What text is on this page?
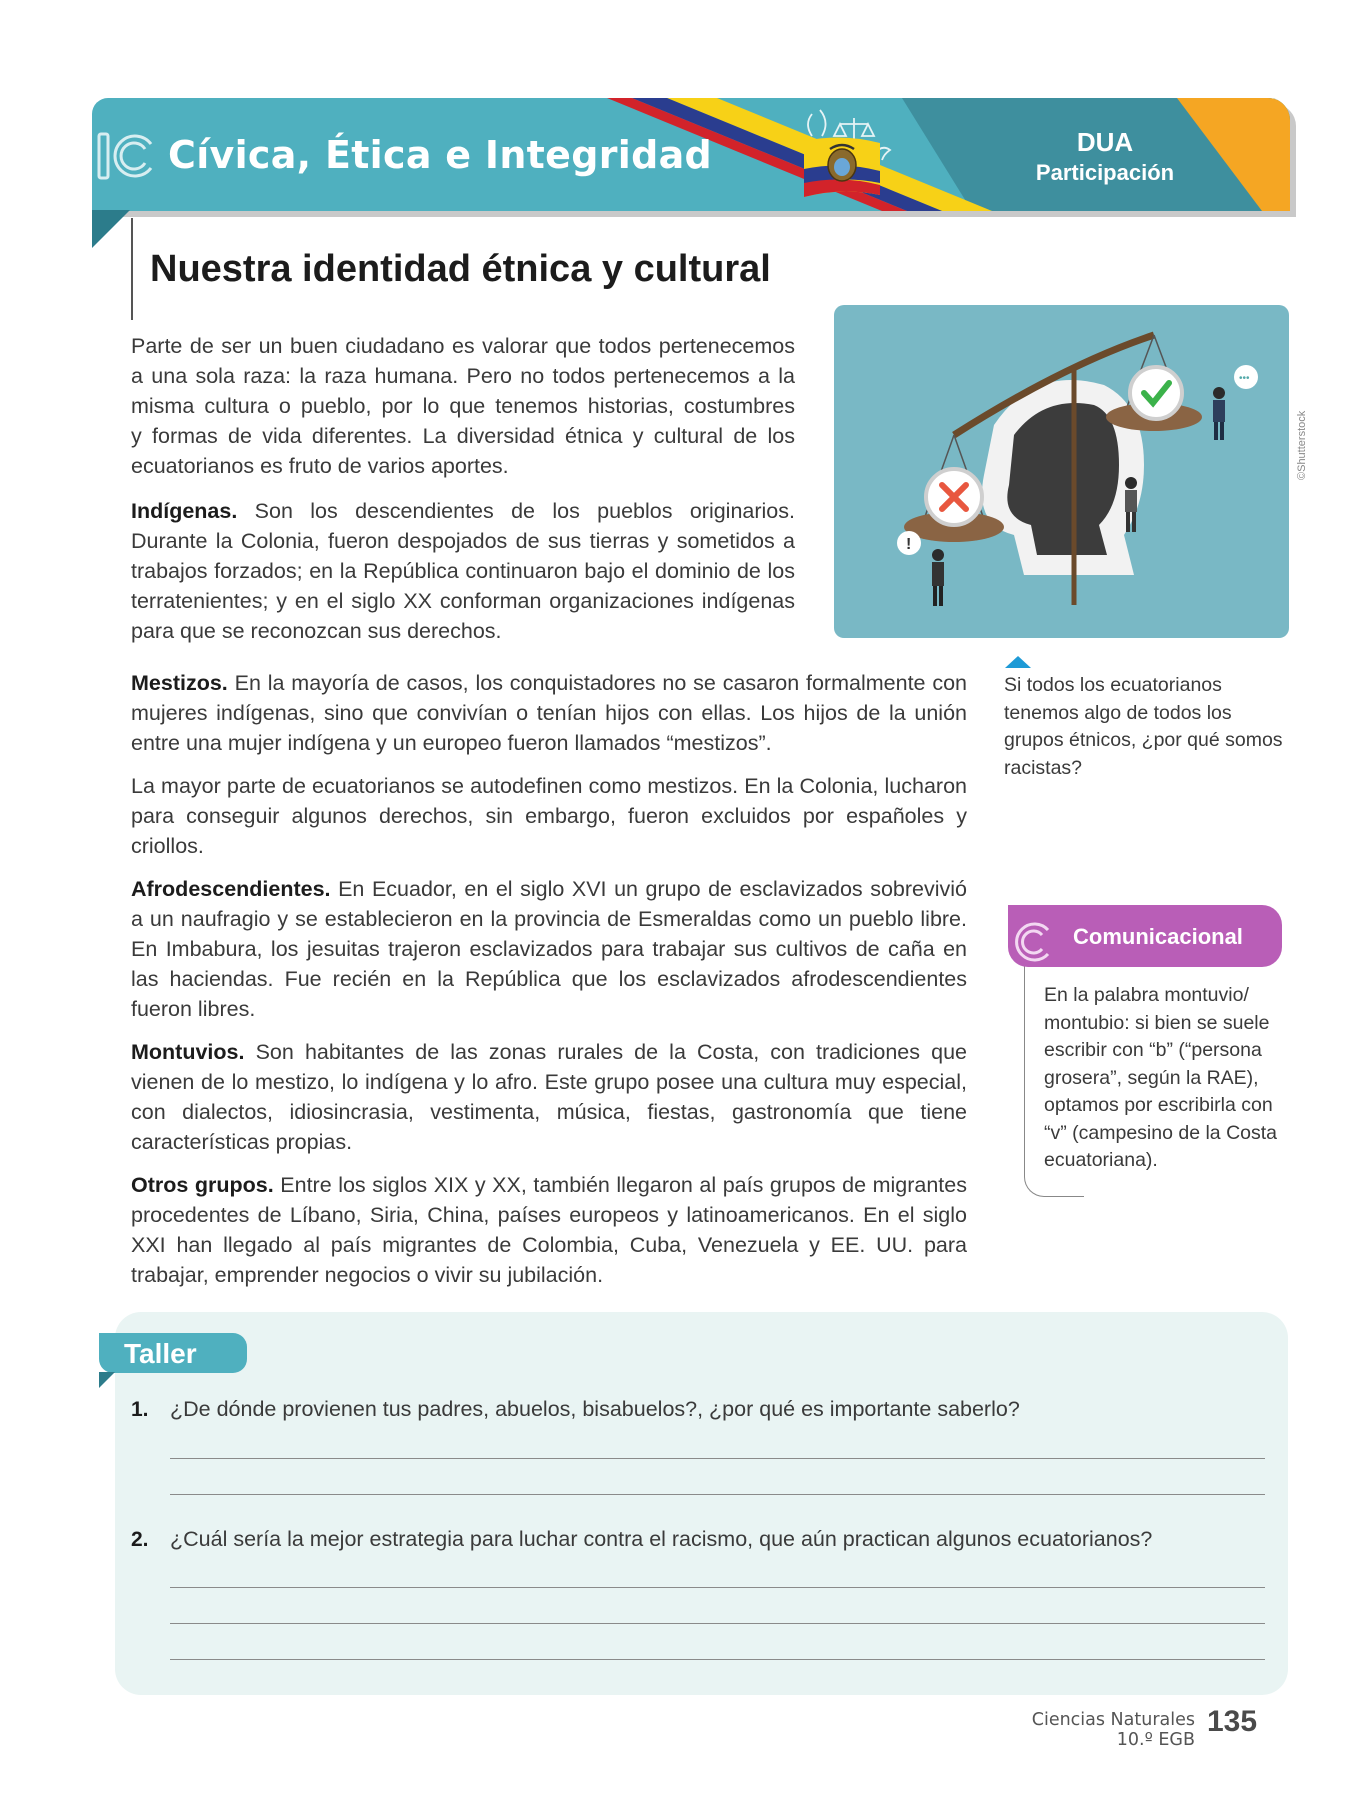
Cívica, Ética e Integridad	DUA
Participación
Nuestra identidad étnica y cultural
Parte de ser un buen ciudadano es valorar que todos pertenecemos
a una sola raza: la raza humana. Pero no todos pertenecemos a la
misma cultura o pueblo, por lo que tenemos historias, costumbres
y formas de vida diferentes. La diversidad étnica y cultural de los
ecuatorianos es fruto de varios aportes.
Indígenas. Son los descendientes de los pueblos originarios. Durante la Colonia, fueron despojados de sus tierras y sometidos a trabajos forzados; en la República continuaron bajo el dominio de los terratenientes; y en el siglo XX conforman organizaciones indígenas para que se reconozcan sus derechos.
•••
!
©Shutterstock
Si todos los ecuatorianos tenemos algo de todos los grupos étnicos, ¿por qué somos racistas?
Mestizos. En la mayoría de casos, los conquistadores no se casaron formalmente con mujeres indígenas, sino que convivían o tenían hijos con ellas. Los hijos de la unión entre una mujer indígena y un europeo fueron llamados “mestizos”.
La mayor parte de ecuatorianos se autodefinen como mestizos. En la Colonia, lucharon para conseguir algunos derechos, sin embargo, fueron excluidos por españoles y criollos.
Afrodescendientes. En Ecuador, en el siglo XVI un grupo de esclavizados sobrevivió a un naufragio y se establecieron en la provincia de Esmeraldas como un pueblo libre. En Imbabura, los jesuitas trajeron esclavizados para trabajar sus cultivos de caña en las haciendas. Fue recién en la República que los esclavizados afrodescendientes fueron libres.
Montuvios. Son habitantes de las zonas rurales de la Costa, con tradiciones que vienen de lo mestizo, lo indígena y lo afro. Este grupo posee una cultura muy especial, con dialectos, idiosincrasia, vestimenta, música, fiestas, gastronomía que tiene características propias.
Otros grupos. Entre los siglos XIX y XX, también llegaron al país grupos de migrantes procedentes de Líbano, Siria, China, países europeos y latinoamericanos. En el siglo XXI han llegado al país migrantes de Colombia, Cuba, Venezuela y EE. UU. para trabajar, emprender negocios o vivir su jubilación.
Comunicacional
En la palabra montuvio/ montubio: si bien se suele escribir con “b” (“persona grosera”, según la RAE), optamos por escribirla con “v” (campesino de la Costa ecuatoriana).
Taller
1. ¿De dónde provienen tus padres, abuelos, bisabuelos?, ¿por qué es importante saberlo?
2. ¿Cuál sería la mejor estrategia para luchar contra el racismo, que aún practican algunos ecuatorianos?
Ciencias Naturales
10.º EGB
135
